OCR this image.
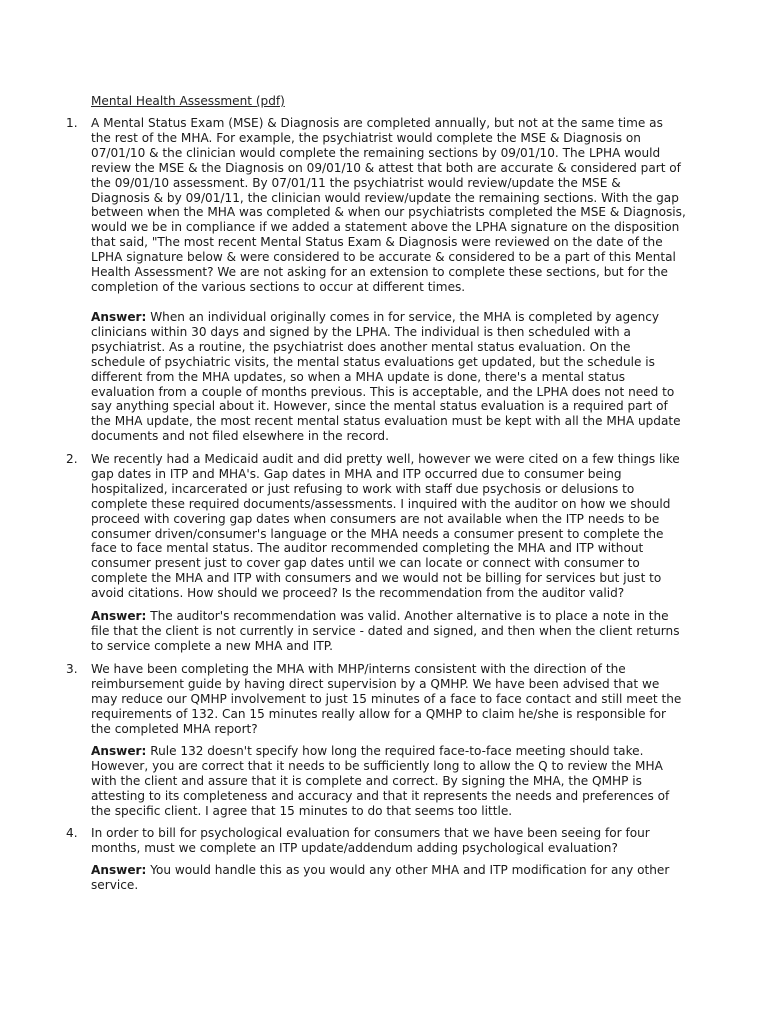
Mental Health Assessment (pdf)
1. A Mental Status Exam (MSE) & Diagnosis are completed annually, but not at the same time as
the rest of the MHA. For example, the psychiatrist would complete the MSE & Diagnosis on
07/01/10 & the clinician would complete the remaining sections by 09/01/10. The LPHA would
review the MSE & the Diagnosis on 09/01/10 & attest that both are accurate & considered part of
the 09/01/10 assessment. By 07/01/11 the psychiatrist would review/update the MSE &
Diagnosis & by 09/01/11, the clinician would review/update the remaining sections. With the gap
between when the MHA was completed & when our psychiatrists completed the MSE & Diagnosis,
would we be in compliance if we added a statement above the LPHA signature on the disposition
that said, "The most recent Mental Status Exam & Diagnosis were reviewed on the date of the
LPHA signature below & were considered to be accurate & considered to be a part of this Mental
Health Assessment? We are not asking for an extension to complete these sections, but for the
completion of the various sections to occur at different times.
Answer: When an individual originally comes in for service, the MHA is completed by agency
clinicians within 30 days and signed by the LPHA. The individual is then scheduled with a
psychiatrist. As a routine, the psychiatrist does another mental status evaluation. On the
schedule of psychiatric visits, the mental status evaluations get updated, but the schedule is
different from the MHA updates, so when a MHA update is done, there's a mental status
evaluation from a couple of months previous. This is acceptable, and the LPHA does not need to
say anything special about it. However, since the mental status evaluation is a required part of
the MHA update, the most recent mental status evaluation must be kept with all the MHA update
documents and not filed elsewhere in the record.
2. We recently had a Medicaid audit and did pretty well, however we were cited on a few things like
gap dates in ITP and MHA's. Gap dates in MHA and ITP occurred due to consumer being
hospitalized, incarcerated or just refusing to work with staff due psychosis or delusions to
complete these required documents/assessments. I inquired with the auditor on how we should
proceed with covering gap dates when consumers are not available when the ITP needs to be
consumer driven/consumer's language or the MHA needs a consumer present to complete the
face to face mental status. The auditor recommended completing the MHA and ITP without
consumer present just to cover gap dates until we can locate or connect with consumer to
complete the MHA and ITP with consumers and we would not be billing for services but just to
avoid citations. How should we proceed? Is the recommendation from the auditor valid?
Answer: The auditor's recommendation was valid. Another alternative is to place a note in the
file that the client is not currently in service - dated and signed, and then when the client returns
to service complete a new MHA and ITP.
3. We have been completing the MHA with MHP/interns consistent with the direction of the
reimbursement guide by having direct supervision by a QMHP. We have been advised that we
may reduce our QMHP involvement to just 15 minutes of a face to face contact and still meet the
requirements of 132. Can 15 minutes really allow for a QMHP to claim he/she is responsible for
the completed MHA report?
Answer: Rule 132 doesn't specify how long the required face-to-face meeting should take.
However, you are correct that it needs to be sufficiently long to allow the Q to review the MHA
with the client and assure that it is complete and correct. By signing the MHA, the QMHP is
attesting to its completeness and accuracy and that it represents the needs and preferences of
the specific client. I agree that 15 minutes to do that seems too little.
4. In order to bill for psychological evaluation for consumers that we have been seeing for four
months, must we complete an ITP update/addendum adding psychological evaluation?
Answer: You would handle this as you would any other MHA and ITP modification for any other
service.
